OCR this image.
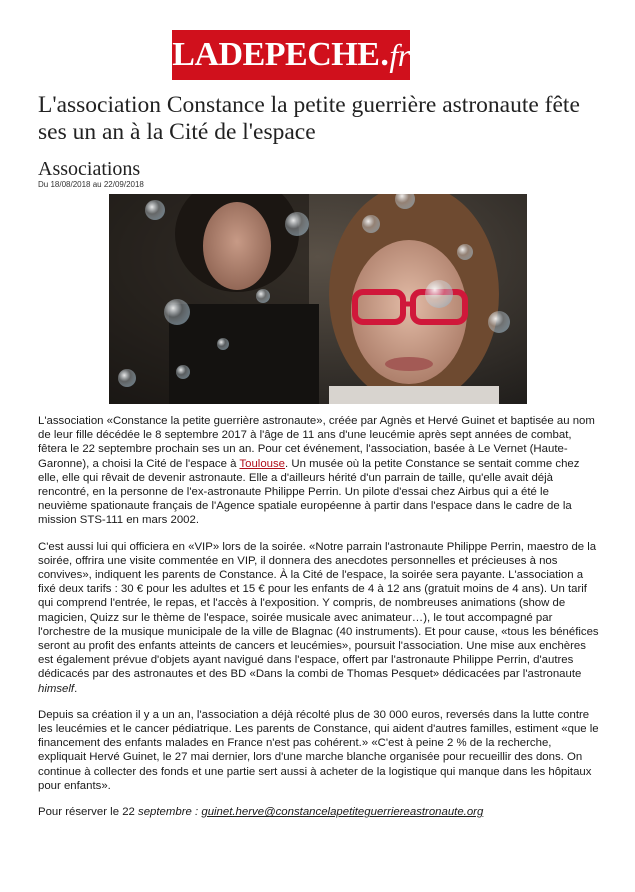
LADEPECHE . fr
L'association Constance la petite guerrière astronaute fête ses un an à la Cité de l'espace
Associations
Du 18/08/2018 au 22/09/2018

L'association «Constance la petite guerrière astronaute», créée par Agnès et Hervé Guinet et baptisée au nom de leur fille décédée le 8 septembre 2017 à l'âge de 11 ans d'une leucémie après sept années de combat, fêtera le 22 septembre prochain ses un an. Pour cet événement, l'association, basée à Le Vernet (Haute-Garonne), a choisi la Cité de l'espace à Toulouse. Un musée où la petite Constance se sentait comme chez elle, elle qui rêvait de devenir astronaute. Elle a d'ailleurs hérité d'un parrain de taille, qu'elle avait déjà rencontré, en la personne de l'ex-astronaute Philippe Perrin. Un pilote d'essai chez Airbus qui a été le neuvième spationaute français de l'Agence spatiale européenne à partir dans l'espace dans le cadre de la mission STS-111 en mars 2002.

C'est aussi lui qui officiera en «VIP» lors de la soirée. «Notre parrain l'astronaute Philippe Perrin, maestro de la soirée, offrira une visite commentée en VIP, il donnera des anecdotes personnelles et précieuses à nos convives», indiquent les parents de Constance. À la Cité de l'espace, la soirée sera payante. L'association a fixé deux tarifs : 30 € pour les adultes et 15 € pour les enfants de 4 à 12 ans (gratuit moins de 4 ans). Un tarif qui comprend l'entrée, le repas, et l'accès à l'exposition. Y compris, de nombreuses animations (show de magicien, Quizz sur le thème de l'espace, soirée musicale avec animateur…), le tout accompagné par l'orchestre de la musique municipale de la ville de Blagnac (40 instruments). Et pour cause, «tous les bénéfices seront au profit des enfants atteints de cancers et leucémies», poursuit l'association. Une mise aux enchères est également prévue d'objets ayant navigué dans l'espace, offert par l'astronaute Philippe Perrin, d'autres dédicacés par des astronautes et des BD «Dans la combi de Thomas Pesquet» dédicacées par l'astronaute himself.

Depuis sa création il y a un an, l'association a déjà récolté plus de 30 000 euros, reversés dans la lutte contre les leucémies et le cancer pédiatrique. Les parents de Constance, qui aident d'autres familles, estiment «que le financement des enfants malades en France n'est pas cohérent.» «C'est à peine 2 % de la recherche, expliquait Hervé Guinet, le 27 mai dernier, lors d'une marche blanche organisée pour recueillir des dons. On continue à collecter des fonds et une partie sert aussi à acheter de la logistique qui manque dans les hôpitaux pour enfants».

Pour réserver le 22 septembre : guinet.herve@constancelapetiteguerriereastronaute.org
